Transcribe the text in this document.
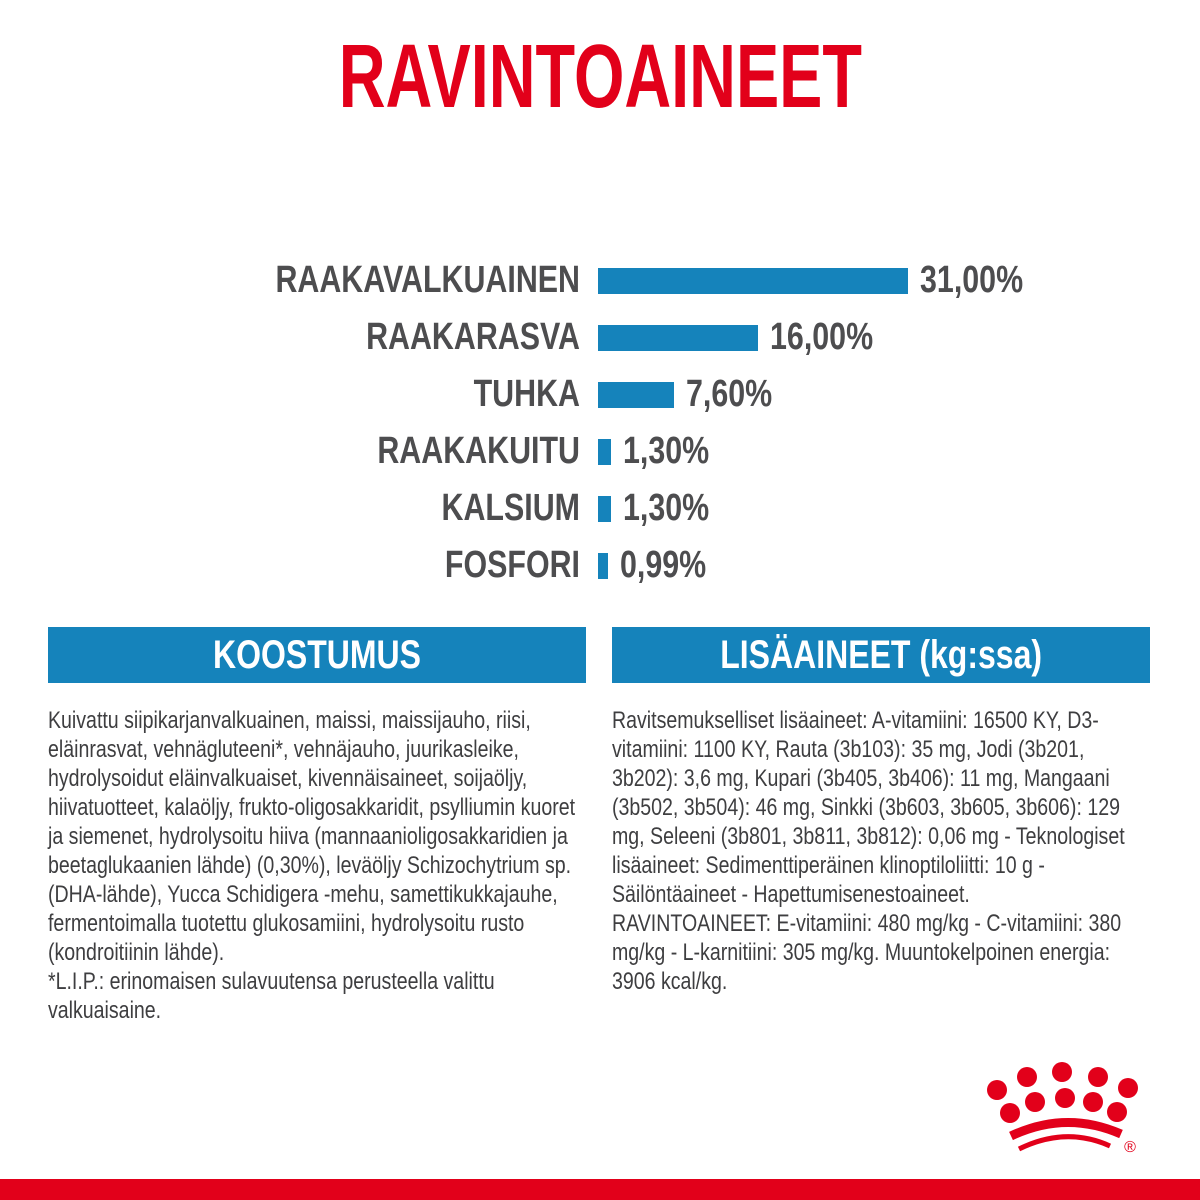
RAVINTOAINEET
RAAKAVALKUAINEN	31,00%
RAAKARASVA	16,00%
TUHKA	7,60%
RAAKAKUITU 1,30%
KALSIUM 1,30%
FOSFORI 0,99%
KOOSTUMUS

Kuivattu siipikarjanvalkuainen, maissi, maissijauho, riisi, eläinrasvat, vehnägluteeni*, vehnäjauho, juurikasleike, hydrolysoidut eläinvalkuaiset, kivennäisaineet, soijaöljy, hiivatuotteet, kalaöljy, frukto-oligosakkaridit, psylliumin kuoret ja siemenet, hydrolysoitu hiiva (mannaanioligosakkaridien ja beetaglukaanien lähde) (0,30%), leväöljy Schizochytrium sp. (DHA-lähde), Yucca Schidigera -mehu, samettikukkajauhe, fermentoimalla tuotettu glukosamiini, hydrolysoitu rusto (kondroitiinin lähde).

*L.I.P.: erinomaisen sulavuutensa perusteella valittu valkuaisaine.

LISÄAINEET (kg:ssa)

Ravitsemukselliset lisäaineet: A-vitamiini: 16500 KY, D3-vitamiini: 1100 KY, Rauta (3b103): 35 mg, Jodi (3b201, 3b202): 3,6 mg, Kupari (3b405, 3b406): 11 mg, Mangaani (3b502, 3b504): 46 mg, Sinkki (3b603, 3b605, 3b606): 129 mg, Seleeni (3b801, 3b811, 3b812): 0,06 mg - Teknologiset lisäaineet: Sedimenttiperäinen klinoptiloliitti: 10 g - Säilöntäaineet - Hapettumisenestoaineet.

RAVINTOAINEET: E-vitamiini: 480 mg/kg - C-vitamiini: 380 mg/kg - L-karnitiini: 305 mg/kg. Muuntokelpoinen energia: 3906 kcal/kg.

®
